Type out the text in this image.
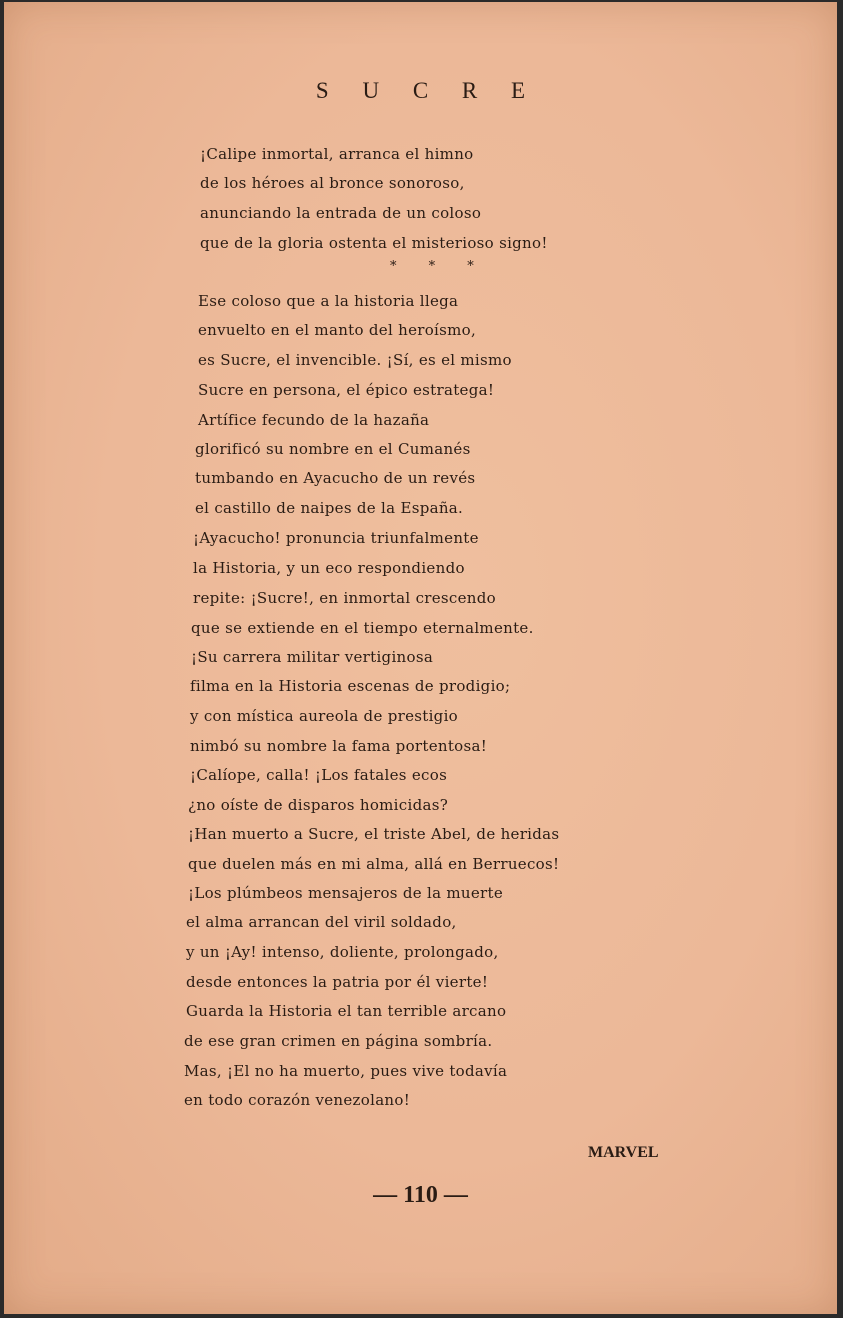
S U C R E
¡Calipe inmortal, arranca el himno
de los héroes al bronce sonoroso,
anunciando la entrada de un coloso
que de la gloria ostenta el misterioso signo!
* * *
Ese coloso que a la historia llega
envuelto en el manto del heroísmo,
es Sucre, el invencible. ¡Sí, es el mismo
Sucre en persona, el épico estratega!
Artífice fecundo de la hazaña
glorificó su nombre en el Cumanés
tumbando en Ayacucho de un revés
el castillo de naipes de la España.
¡Ayacucho! pronuncia triunfalmente
la Historia, y un eco respondiendo
repite: ¡Sucre!, en inmortal crescendo
que se extiende en el tiempo eternalmente.
¡Su carrera militar vertiginosa
filma en la Historia escenas de prodigio;
y con mística aureola de prestigio
nimbó su nombre la fama portentosa!
¡Calíope, calla! ¡Los fatales ecos
¿no oíste de disparos homicidas?
¡Han muerto a Sucre, el triste Abel, de heridas
que duelen más en mi alma, allá en Berruecos!
¡Los plúmbeos mensajeros de la muerte
el alma arrancan del viril soldado,
y un ¡Ay! intenso, doliente, prolongado,
desde entonces la patria por él vierte!
Guarda la Historia el tan terrible arcano
de ese gran crimen en página sombría.
Mas, ¡El no ha muerto, pues vive todavía
en todo corazón venezolano!
MARVEL
— 110 —
